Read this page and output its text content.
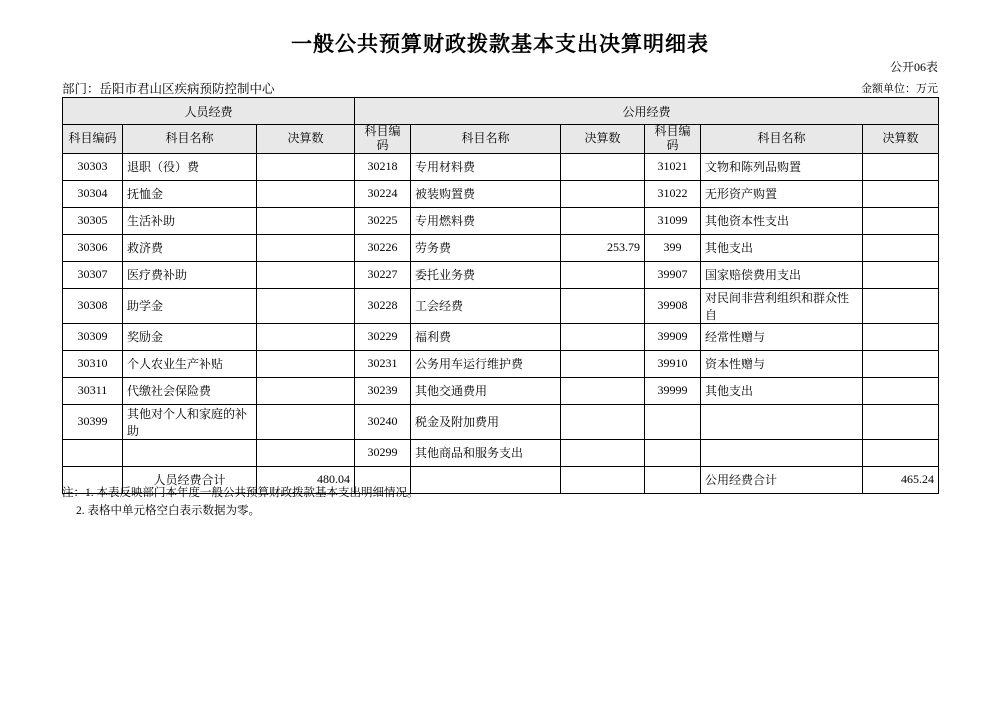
一般公共预算财政拨款基本支出决算明细表
公开06表
部门：岳阳市君山区疾病预防控制中心	金额单位：万元
人员经费			公用经费					
科目编码	科目名称	决算数	科目编码	科目名称	决算数	科目编码	科目名称	决算数
30303	退职（役）费		30218	专用材料费		31021	文物和陈列品购置	
30304	抚恤金		30224	被装购置费		31022	无形资产购置	
30305	生活补助		30225	专用燃料费		31099	其他资本性支出	
30306	救济费		30226	劳务费	253.79	399	其他支出	
30307	医疗费补助		30227	委托业务费		39907	国家赔偿费用支出	
30308	助学金		30228	工会经费		39908	对民间非营利组织和群众性自	
30309	奖励金		30229	福利费		39909	经常性赠与	
30310	个人农业生产补贴		30231	公务用车运行维护费		39910	资本性赠与	
30311	代缴社会保险费		30239	其他交通费用		39999	其他支出	
30399	其他对个人和家庭的补助		30240	税金及附加费用				
			30299	其他商品和服务支出				
	人员经费合计	480.04					公用经费合计	465.24
注：1. 本表反映部门本年度一般公共预算财政拨款基本支出明细情况。
2. 表格中单元格空白表示数据为零。
